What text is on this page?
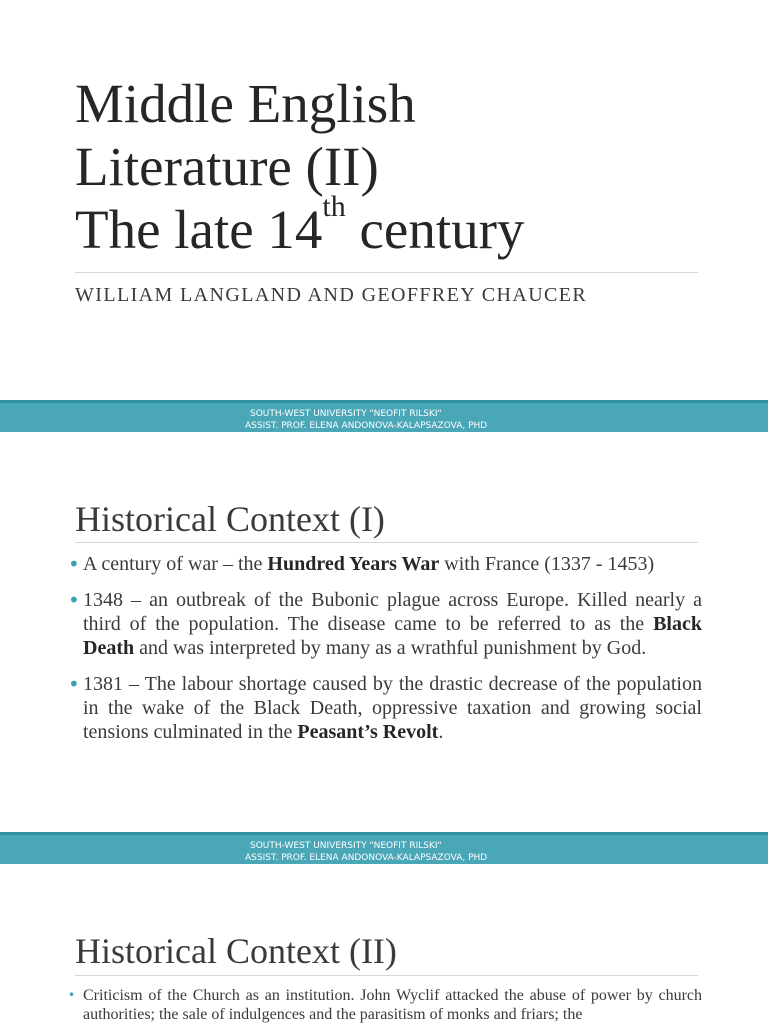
Middle English
Literature (II)
The late 14th century
WILLIAM LANGLAND AND GEOFFREY CHAUCER
SOUTH-WEST UNIVERSITY "NEOFIT RILSKI"
ASSIST. PROF. ELENA ANDONOVA-KALAPSAZOVA, PHD
Historical Context (I)
• A century of war – the Hundred Years War with France (1337 - 1453)
• 1348 – an outbreak of the Bubonic plague across Europe. Killed nearly a third of the population. The disease came to be referred to as the Black Death and was interpreted by many as a wrathful punishment by God.
• 1381 – The labour shortage caused by the drastic decrease of the population in the wake of the Black Death, oppressive taxation and growing social tensions culminated in the Peasant’s Revolt.
SOUTH-WEST UNIVERSITY "NEOFIT RILSKI"
ASSIST. PROF. ELENA ANDONOVA-KALAPSAZOVA, PHD
Historical Context (II)
• Criticism of the Church as an institution. John Wyclif attacked the abuse of power by church authorities; the sale of indulgences and the parasitism of monks and friars; the
